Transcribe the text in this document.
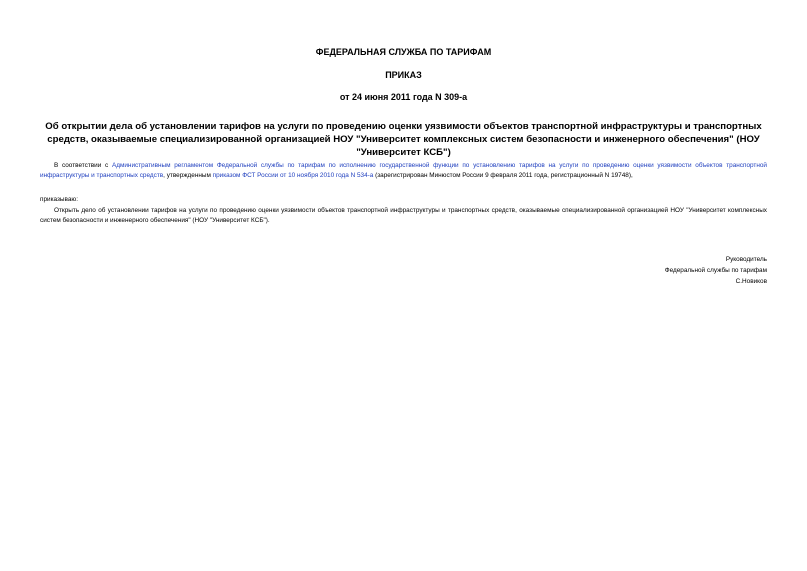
ФЕДЕРАЛЬНАЯ СЛУЖБА ПО ТАРИФАМ
ПРИКАЗ
от 24 июня 2011 года N 309-а
Об открытии дела об установлении тарифов на услуги по проведению оценки уязвимости объектов транспортной инфраструктуры и транспортных средств, оказываемые специализированной организацией НОУ "Университет комплексных систем безопасности и инженерного обеспечения" (НОУ "Университет КСБ")
В соответствии с Административным регламентом Федеральной службы по тарифам по исполнению государственной функции по установлению тарифов на услуги по проведению оценки уязвимости объектов транспортной инфраструктуры и транспортных средств, утвержденным приказом ФСТ России от 10 ноября 2010 года N 534-а (зарегистрирован Минюстом России 9 февраля 2011 года, регистрационный N 19748),
приказываю:
Открыть дело об установлении тарифов на услуги по проведению оценки уязвимости объектов транспортной инфраструктуры и транспортных средств, оказываемые специализированной организацией НОУ "Университет комплексных систем безопасности и инженерного обеспечения" (НОУ "Университет КСБ").
Руководитель
Федеральной службы по тарифам
С.Новиков
